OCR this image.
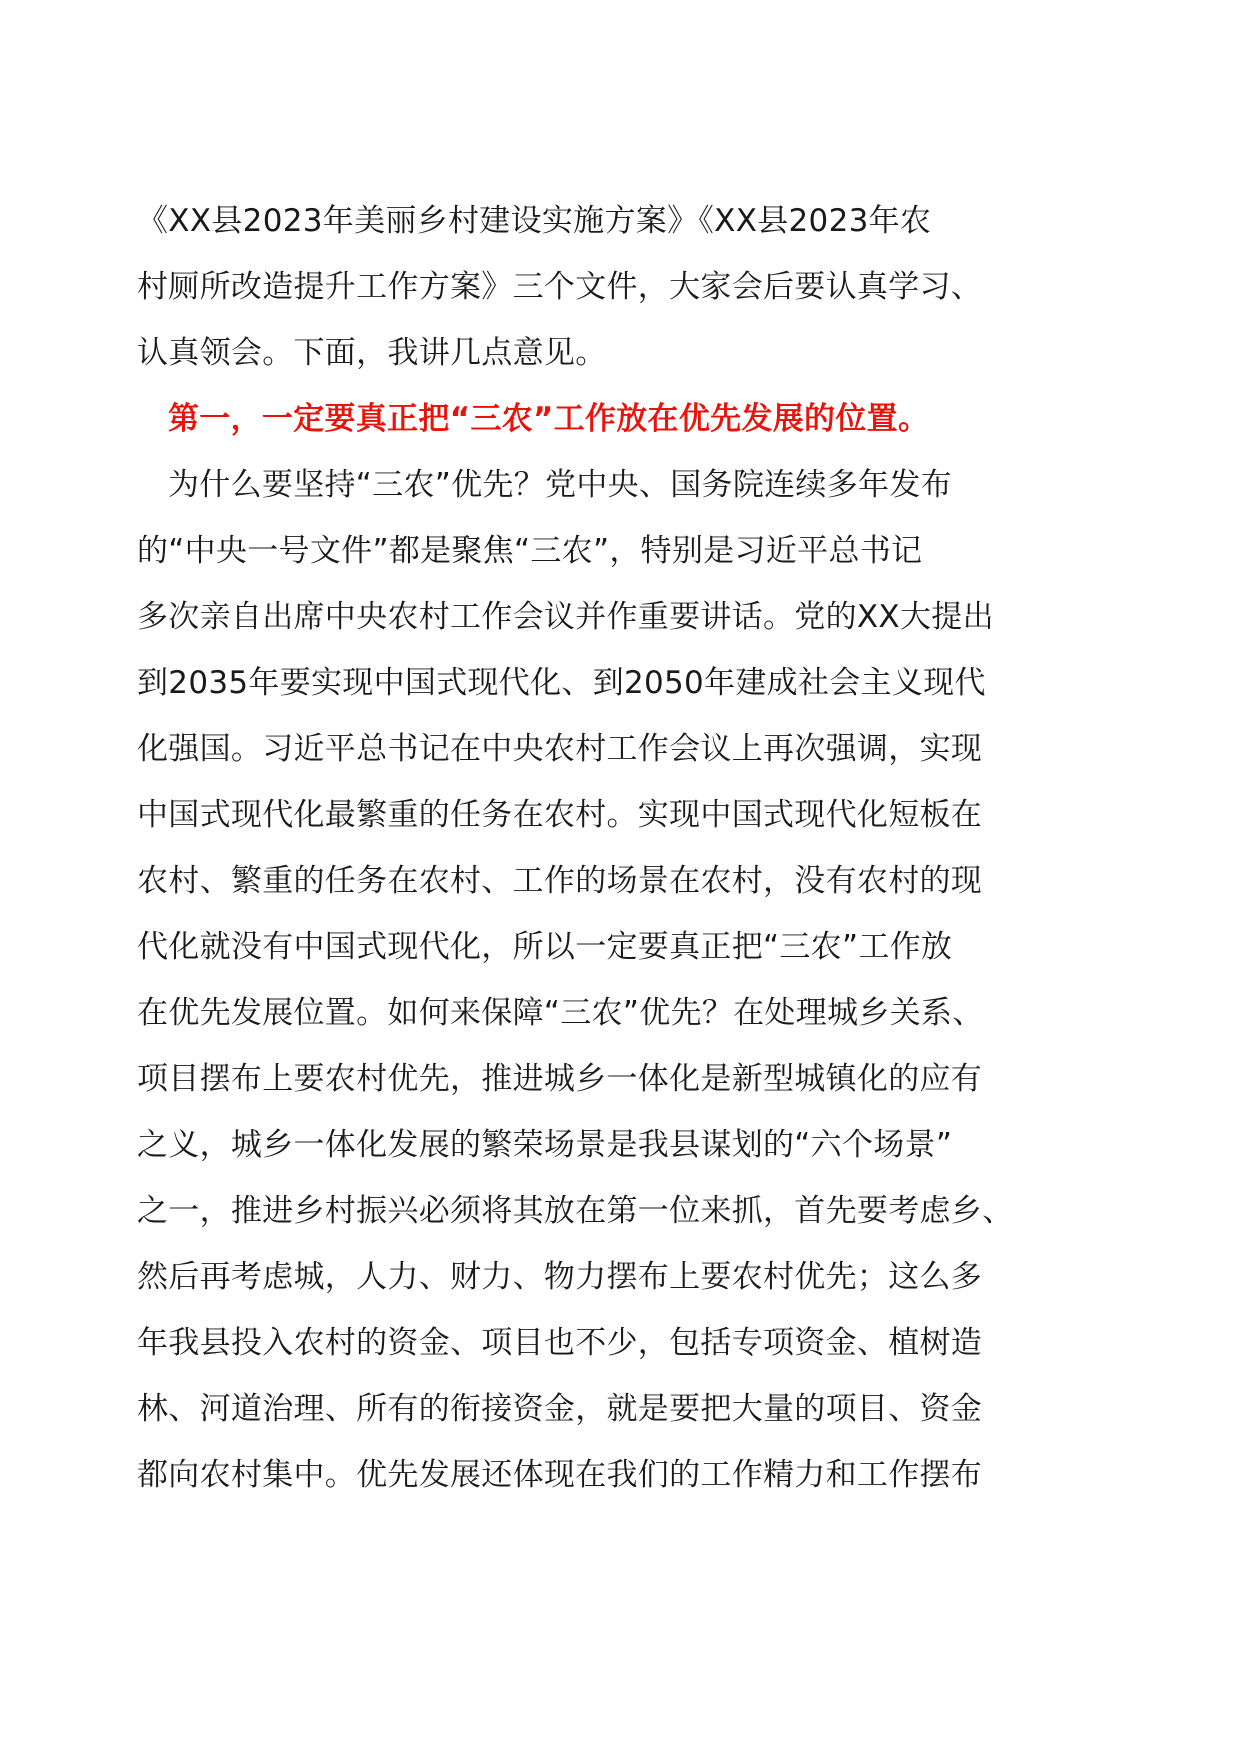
《XX县2023年美丽乡村建设实施方案》《XX县2023年农
村厕所改造提升工作方案》三个文件，大家会后要认真学习、
认真领会。下面，我讲几点意见。
第一，一定要真正把“三农”工作放在优先发展的位置。
为什么要坚持“三农”优先？党中央、国务院连续多年发布
的“中央一号文件”都是聚焦“三农”，特别是习近平总书记
多次亲自出席中央农村工作会议并作重要讲话。党的XX大提出
到2035年要实现中国式现代化、到2050年建成社会主义现代
化强国。习近平总书记在中央农村工作会议上再次强调，实现
中国式现代化最繁重的任务在农村。实现中国式现代化短板在
农村、繁重的任务在农村、工作的场景在农村，没有农村的现
代化就没有中国式现代化，所以一定要真正把“三农”工作放
在优先发展位置。如何来保障“三农”优先？在处理城乡关系、
项目摆布上要农村优先，推进城乡一体化是新型城镇化的应有
之义，城乡一体化发展的繁荣场景是我县谋划的“六个场景”
之一，推进乡村振兴必须将其放在第一位来抓，首先要考虑乡、
然后再考虑城，人力、财力、物力摆布上要农村优先；这么多
年我县投入农村的资金、项目也不少，包括专项资金、植树造
林、河道治理、所有的衔接资金，就是要把大量的项目、资金
都向农村集中。优先发展还体现在我们的工作精力和工作摆布
